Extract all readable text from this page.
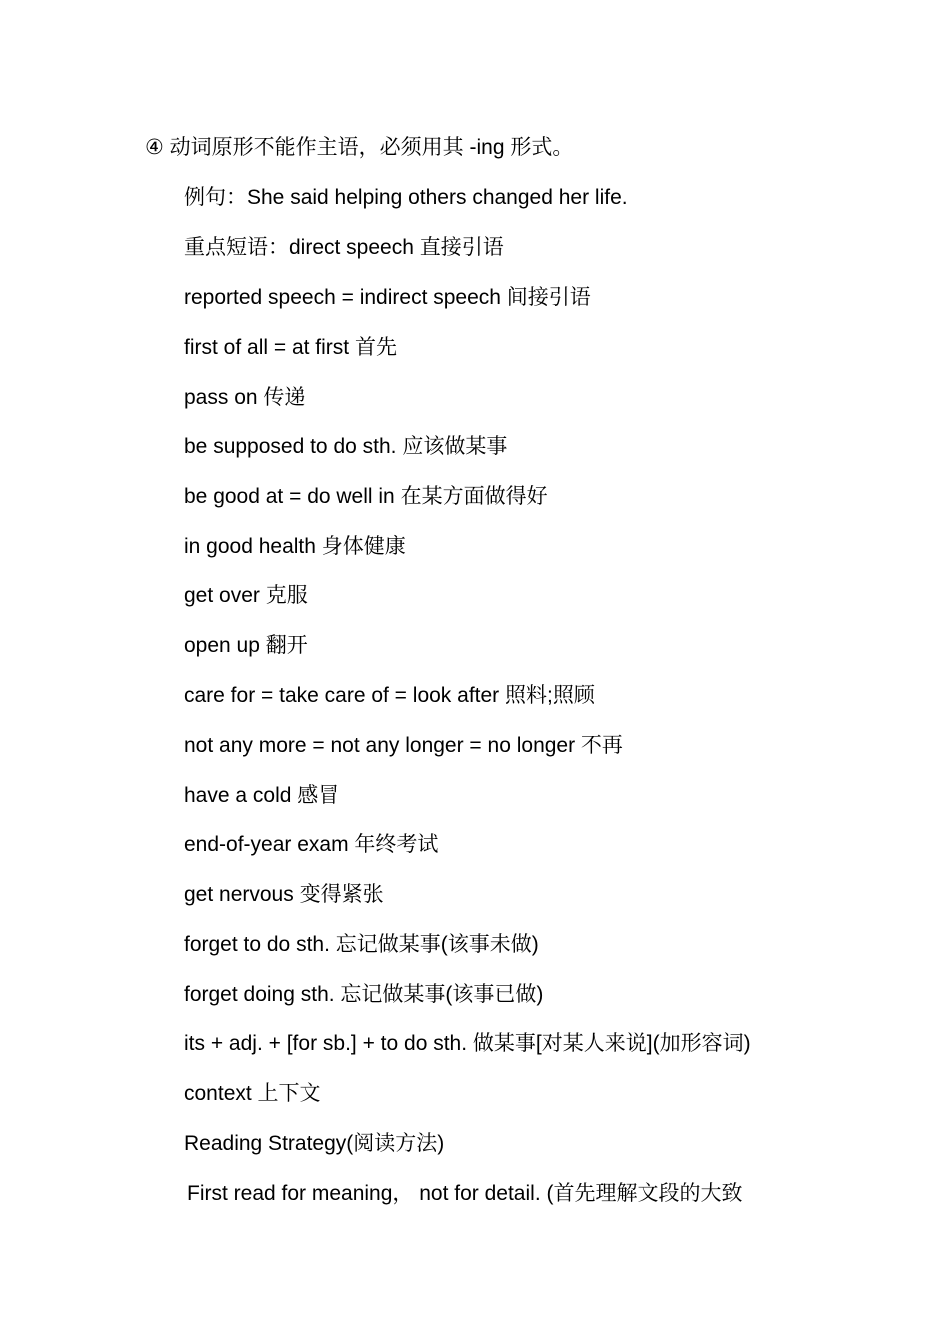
④ 动词原形不能作主语，必须用其 -ing 形式。
例句：She said helping others changed her life.
重点短语：direct speech 直接引语
reported speech = indirect speech 间接引语
first of all = at first 首先
pass on 传递
be supposed to do sth. 应该做某事
be good at = do well in 在某方面做得好
in good health 身体健康
get over 克服
open up 翻开
care for = take care of = look after 照料;照顾
not any more = not any longer = no longer 不再
have a cold 感冒
end-of-year exam 年终考试
get nervous 变得紧张
forget to do sth. 忘记做某事(该事未做)
forget doing sth. 忘记做某事(该事已做)
its + adj. + [for sb.] + to do sth. 做某事[对某人来说](加形容词)
context 上下文
Reading Strategy(阅读方法)
First read for meaning， not for detail. (首先理解文段的大致
